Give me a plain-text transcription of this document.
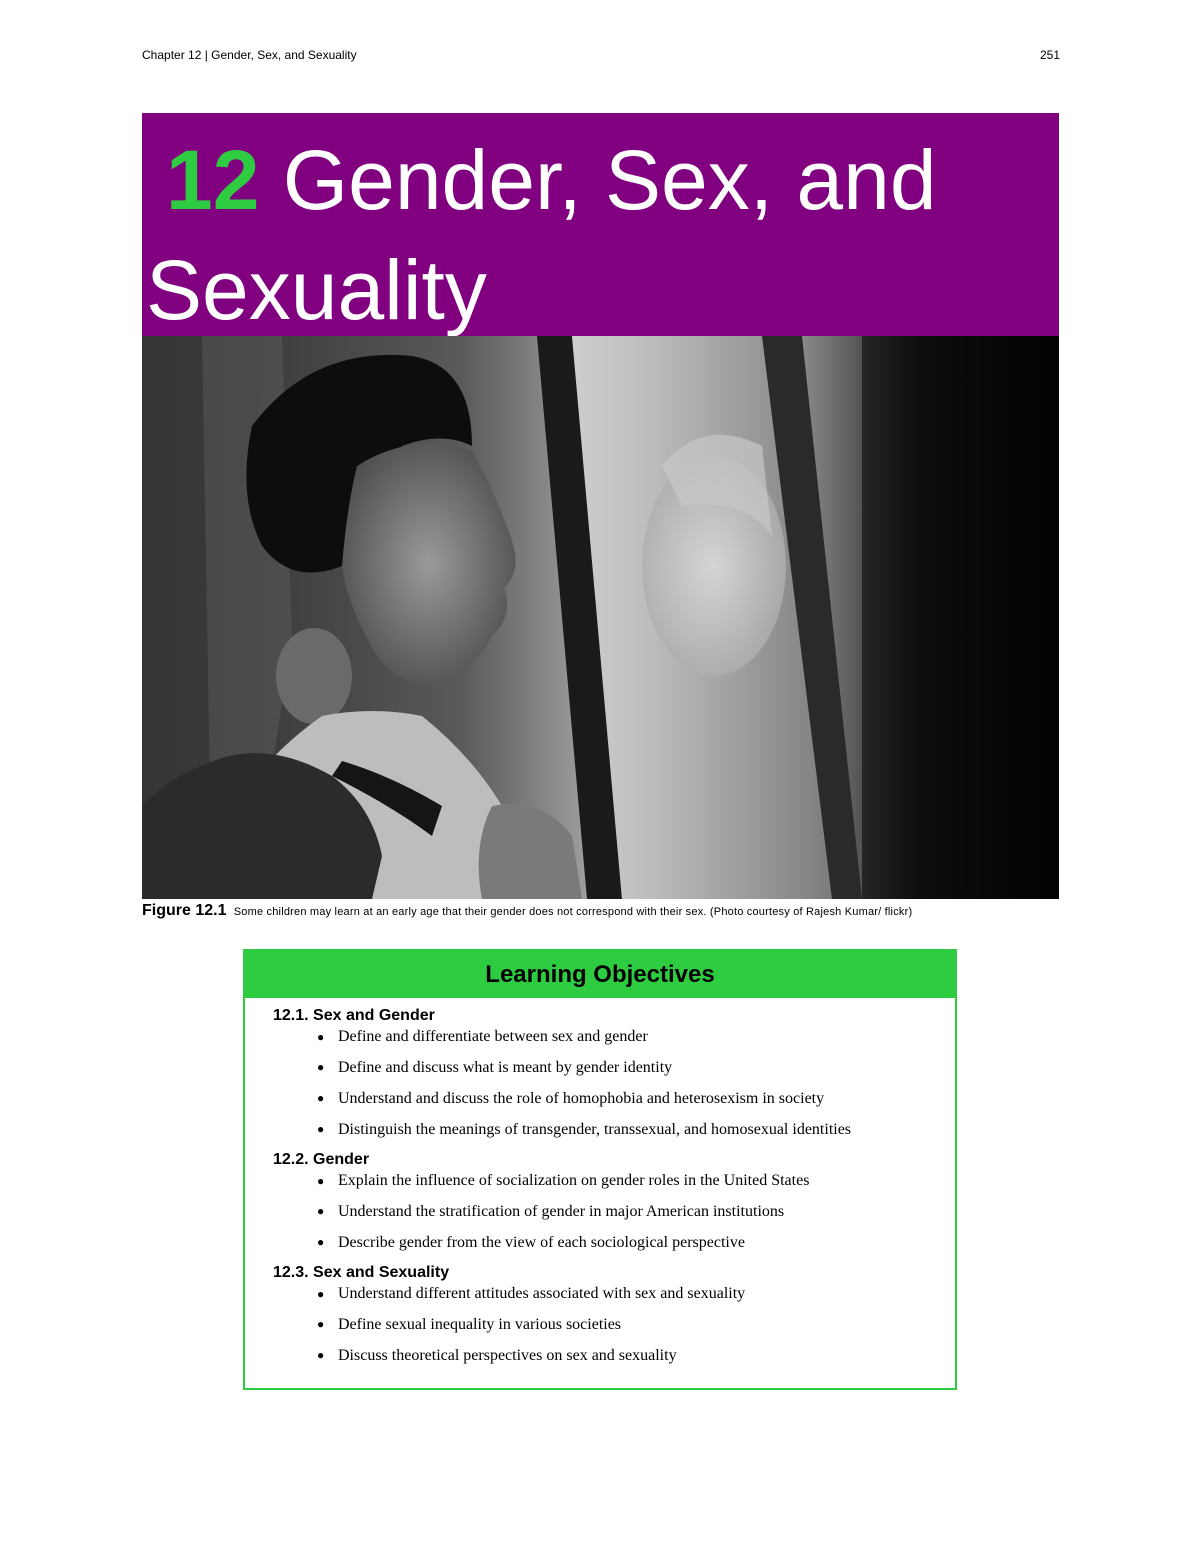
Chapter 12 | Gender, Sex, and Sexuality	251
12 Gender, Sex, and Sexuality
Figure 12.1 Some children may learn at an early age that their gender does not correspond with their sex. (Photo courtesy of Rajesh Kumar/ flickr)
Learning Objectives

12.1. Sex and Gender

● Define and differentiate between sex and gender
● Define and discuss what is meant by gender identity
● Understand and discuss the role of homophobia and heterosexism in society
● Distinguish the meanings of transgender, transsexual, and homosexual identities

12.2. Gender

● Explain the influence of socialization on gender roles in the United States
● Understand the stratification of gender in major American institutions
● Describe gender from the view of each sociological perspective

12.3. Sex and Sexuality

● Understand different attitudes associated with sex and sexuality
● Define sexual inequality in various societies
● Discuss theoretical perspectives on sex and sexuality
